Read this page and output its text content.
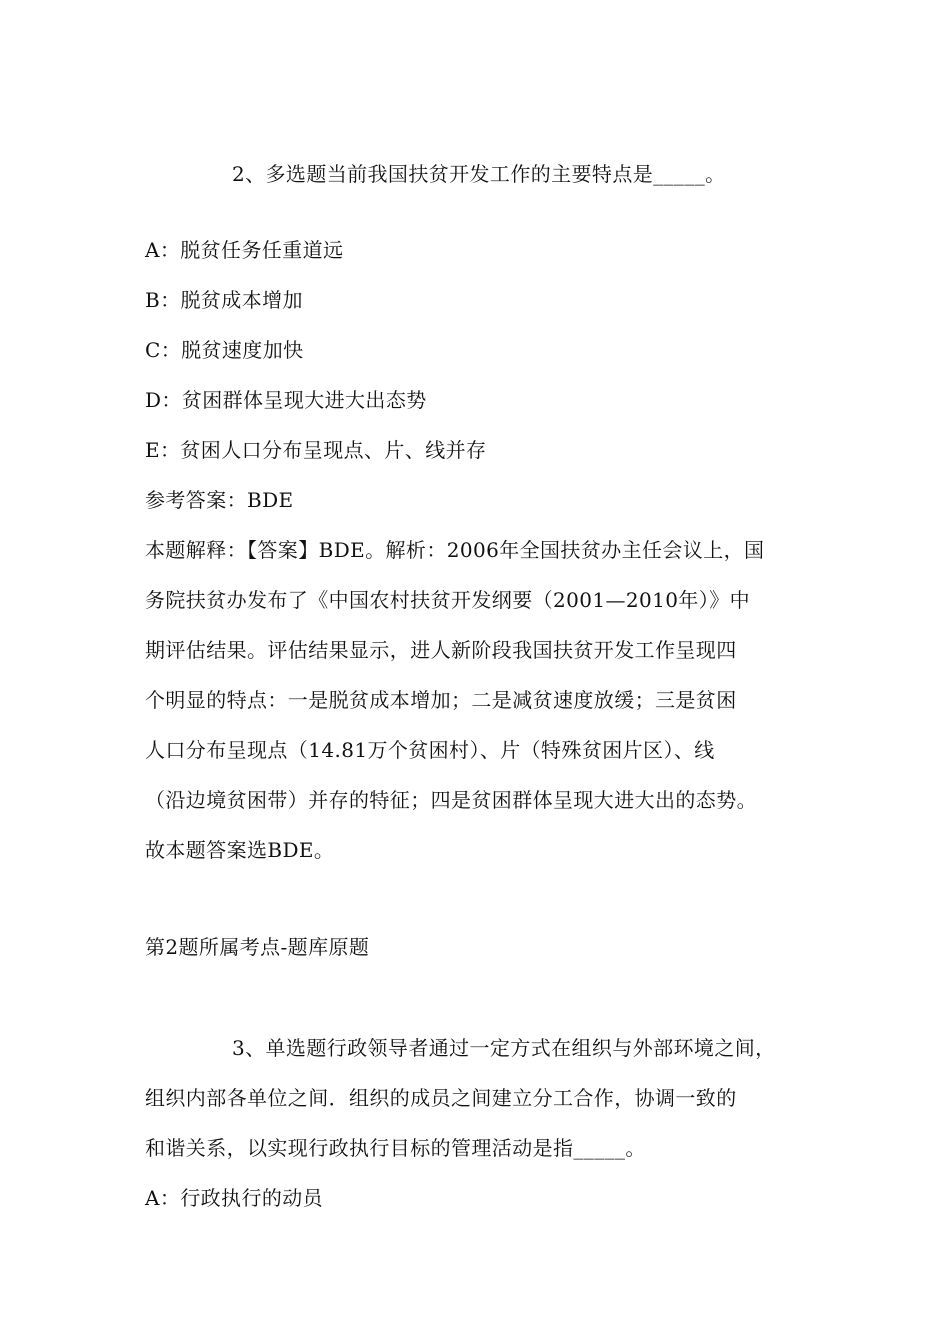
2、多选题当前我国扶贫开发工作的主要特点是_____。
A：脱贫任务任重道远
B：脱贫成本增加
C：脱贫速度加快
D：贫困群体呈现大进大出态势
E：贫困人口分布呈现点、片、线并存
参考答案：BDE
本题解释：【答案】BDE。解析：2006年全国扶贫办主任会议上，国
务院扶贫办发布了《中国农村扶贫开发纲要（2001—2010年）》中
期评估结果。评估结果显示，进人新阶段我国扶贫开发工作呈现四
个明显的特点：一是脱贫成本增加；二是减贫速度放缓；三是贫困
人口分布呈现点（14.81万个贫困村）、片（特殊贫困片区）、线
（沿边境贫困带）并存的特征；四是贫困群体呈现大进大出的态势。
故本题答案选BDE。
第2题所属考点-题库原题
3、单选题行政领导者通过一定方式在组织与外部环境之间，
组织内部各单位之间．组织的成员之间建立分工合作，协调一致的
和谐关系，以实现行政执行目标的管理活动是指_____。
A：行政执行的动员
